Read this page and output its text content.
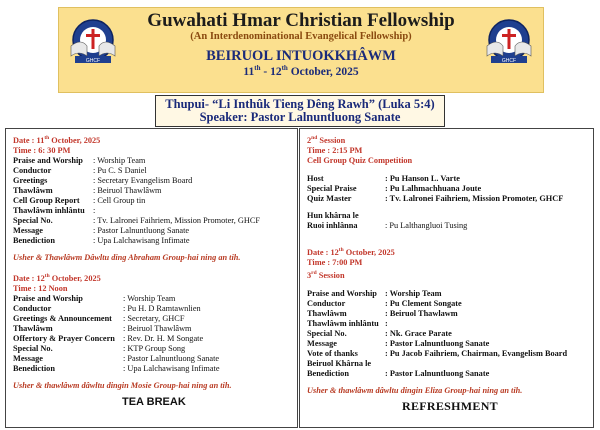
GHCF
Guwahati Hmar Christian Fellowship
(An Interdenominational Evangelical Fellowship)
BEIRUOL INTUOKKHÂWM
11th - 12th October, 2025
GHCF
Thupui- “Li Inthûk Tieng Dêng Rawh” (Luka 5:4)
Speaker: Pastor Lalnuntluong Sanate
Date : 11th October, 2025
Time : 6: 30 PM
Praise and Worship	: Worship Team
Conductor	: Pu C. S Daniel
Greetings	: Secretary Evangelism Board
Thawlâwm	: Beiruol Thawlâwm
Cell Group Report	: Cell Group tin
Thawlâwm inhlântu :
Special No.	: Tv. Lalronei Faihriem, Mission Promoter, GHCF
Message	: Pastor Lalnuntluong Sanate
Benediction	: Upa Lalchawisang Infimate
Usher & Thawlâwm Dâwltu ding Abraham Group-hai ning an tih.
Date : 12th October, 2025
Time : 12 Noon
Praise and Worship	: Worship Team
Conductor	: Pu H. D Ramtawnlien
Greetings & Announcement	: Secretary, GHCF
Thawlâwm	: Beiruol Thawlâwm
Offertory & Prayer Concern : Rev. Dr. H. M Songate
Special No.	: KTP Group Song
Message	: Pastor Lalnuntluong Sanate
Benediction	: Upa Lalchawisang Infimate
Usher & thawlâwm dâwltu dingin Mosie Group-hai ning an tih.
TEA BREAK
2nd Session
Time : 2:15 PM
Cell Group Quiz Competition
Host	: Pu Hanson L. Varte
Special Praise	: Pu Lalhmachhuana Joute
Quiz Master	: Tv. Lalronei Faihriem, Mission Promoter, GHCF
Hun khârna le
Ruoi inhlânna	: Pu Lalthangluoi Tusing
Date : 12th October, 2025
Time : 7:00 PM
3rd Session
Praise and Worship : Worship Team
Conductor	: Pu Clement Songate
Thawlâwm	: Beiruol Thawlawm
Thawlâwm inhlântu :
Special No.	: Nk. Grace Parate
Message	: Pastor Lalnuntluong Sanate
Vote of thanks	: Pu Jacob Faihriem, Chairman, Evangelism Board
Beiruol Khârna le
Benediction	: Pastor Lalnuntluong Sanate
Usher & thawlâwm dâwltu dingin Eliza Group-hai ning an tih.
REFRESHMENT
